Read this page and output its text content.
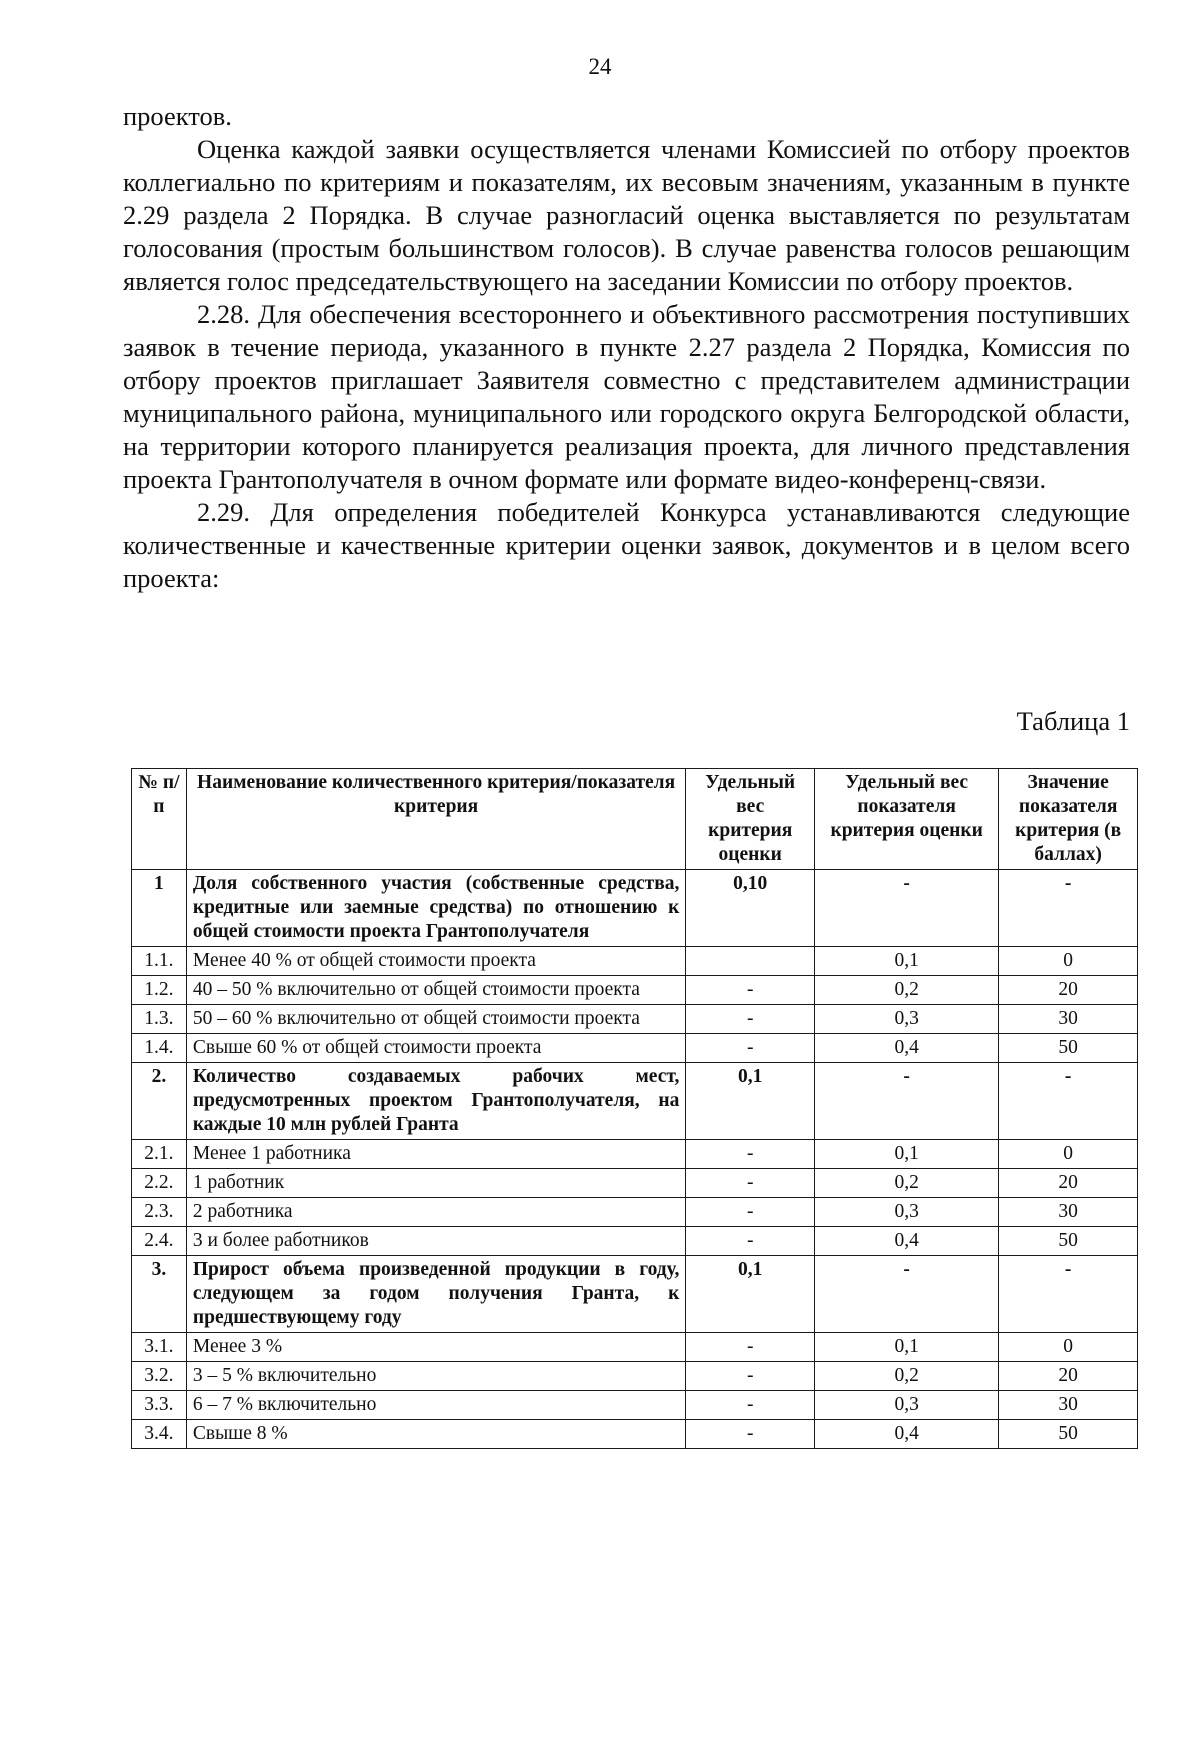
24

проектов.

Оценка каждой заявки осуществляется членами Комиссией по отбору проектов коллегиально по критериям и показателям, их весовым значениям, указанным в пункте 2.29 раздела 2 Порядка. В случае разногласий оценка выставляется по результатам голосования (простым большинством голосов). В случае равенства голосов решающим является голос председательствующего на заседании Комиссии по отбору проектов.

2.28. Для обеспечения всестороннего и объективного рассмотрения поступивших заявок в течение периода, указанного в пункте 2.27 раздела 2 Порядка, Комиссия по отбору проектов приглашает Заявителя совместно с представителем администрации муниципального района, муниципального или городского округа Белгородской области, на территории которого планируется реализация проекта, для личного представления проекта Грантополучателя в очном формате или формате видео-конференц-связи.

2.29. Для определения победителей Конкурса устанавливаются следующие количественные и качественные критерии оценки заявок, документов и в целом всего проекта:

Таблица 1
№ п/п	Наименование количественного критерия/показателя критерия	Удельный вес критерия оценки	Удельный вес показателя критерия оценки	Значение показателя критерия (в баллах)
1	Доля собственного участия (собственные средства, кредитные или заемные средства) по отношению к общей стоимости проекта Грантополучателя	0,10	-	-
1.1.	Менее 40 % от общей стоимости проекта		0,1	0
1.2.	40 – 50 % включительно от общей стоимости проекта	-	0,2	20
1.3.	50 – 60 % включительно от общей стоимости проекта	-	0,3	30
1.4.	Свыше 60 % от общей стоимости проекта	-	0,4	50
2.	Количество создаваемых рабочих мест, предусмотренных проектом Грантополучателя, на каждые 10 млн рублей Гранта	0,1	-	-
2.1.	Менее 1 работника	-	0,1	0
2.2.	1 работник	-	0,2	20
2.3.	2 работника	-	0,3	30
2.4.	3 и более работников	-	0,4	50
3.	Прирост объема произведенной продукции в году, следующем за годом получения Гранта, к предшествующему году	0,1	-	-
3.1.	Менее 3 %	-	0,1	0
3.2.	3 – 5 % включительно	-	0,2	20
3.3.	6 – 7 % включительно	-	0,3	30
3.4.	Свыше 8 %	-	0,4	50
